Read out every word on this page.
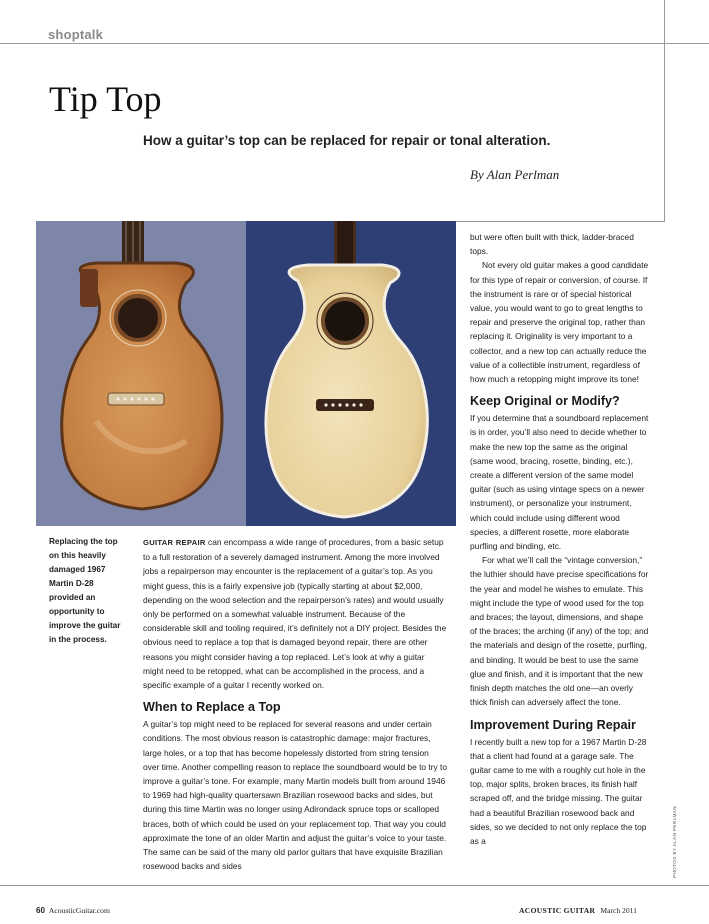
shoptalk
Tip Top
How a guitar’s top can be replaced for repair or tonal alteration.
By Alan Perlman
Replacing the top on this heavily damaged 1967 Martin D-28 provided an opportunity to improve the guitar in the process.

GUITAR REPAIR can encompass a wide range of procedures, from a basic setup to a full restoration of a severely damaged instrument. Among the more involved jobs a repairperson may encounter is the replacement of a guitar’s top. As you might guess, this is a fairly expensive job (typically starting at about $2,000, depending on the wood selection and the repairperson’s rates) and would usually only be performed on a somewhat valuable instrument. Because of the considerable skill and tooling required, it’s definitely not a DIY project. Besides the obvious need to replace a top that is damaged beyond repair, there are other reasons you might consider having a top replaced. Let’s look at why a guitar might need to be retopped, what can be accomplished in the process, and a specific example of a guitar I recently worked on.

When to Replace a Top

A guitar’s top might need to be replaced for several reasons and under certain conditions. The most obvious reason is catastrophic damage: major fractures, large holes, or a top that has become hopelessly distorted from string tension over time. Another compelling reason to replace the soundboard would be to try to improve a guitar’s tone. For example, many Martin models built from around 1946 to 1969 had high-quality quartersawn Brazilian rosewood backs and sides, but during this time Martin was no longer using Adirondack spruce tops or scalloped braces, both of which could be used on your replacement top. That way you could approximate the tone of an older Martin and adjust the guitar’s voice to your taste. The same can be said of the many old parlor guitars that have exquisite Brazilian rosewood backs and sides

but were often built with thick, ladder-braced tops.

Not every old guitar makes a good candidate for this type of repair or conversion, of course. If the instrument is rare or of special historical value, you would want to go to great lengths to repair and preserve the original top, rather than replacing it. Originality is very important to a collector, and a new top can actually reduce the value of a collectible instrument, regardless of how much a retopping might improve its tone!

Keep Original or Modify?

If you determine that a soundboard replacement is in order, you’ll also need to decide whether to make the new top the same as the original (same wood, bracing, rosette, binding, etc.), create a different version of the same model guitar (such as using vintage specs on a newer instrument), or personalize your instrument, which could include using different wood species, a different rosette, more elaborate purfling and binding, etc.

For what we’ll call the “vintage conversion,” the luthier should have precise specifications for the year and model he wishes to emulate. This might include the type of wood used for the top and braces; the layout, dimensions, and shape of the braces; the arching (if any) of the top; and the materials and design of the rosette, purfling, and binding. It would be best to use the same glue and finish, and it is important that the new finish depth matches the old one—an overly thick finish can adversely affect the tone.

Improvement During Repair

I recently built a new top for a 1967 Martin D-28 that a client had found at a garage sale. The guitar came to me with a roughly cut hole in the top, major splits, broken braces, its finish half scraped off, and the bridge missing. The guitar had a beautiful Brazilian rosewood back and sides, so we decided to not only replace the top as a	PHOTOS BY ALAN PERLMAN
60 AcousticGuitar.com	ACOUSTIC GUITAR March 2011
